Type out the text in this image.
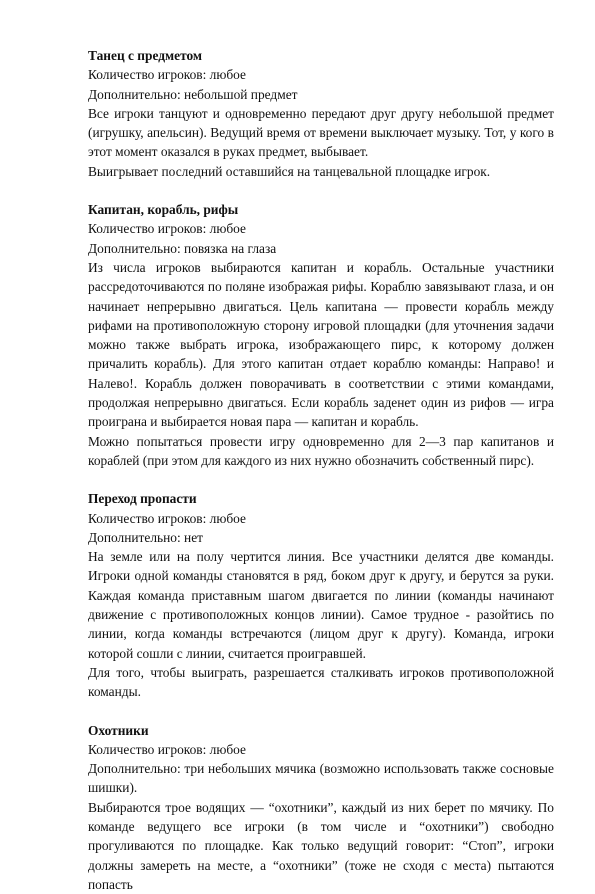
Танец с предметом

Количество игроков: любое

Дополнительно: небольшой предмет

Все игроки танцуют и одновременно передают друг другу небольшой предмет (игрушку, апельсин). Ведущий время от времени выключает музыку. Тот, у кого в этот момент оказался в руках предмет, выбывает.

Выигрывает последний оставшийся на танцевальной площадке игрок.

Капитан, корабль, рифы

Количество игроков: любое

Дополнительно: повязка на глаза

Из числа игроков выбираются капитан и корабль. Остальные участники рассредоточиваются по поляне изображая рифы. Кораблю завязывают глаза, и он начинает непрерывно двигаться. Цель капитана — провести корабль между рифами на противоположную сторону игровой площадки (для уточнения задачи можно также выбрать игрока, изображающего пирс, к которому должен причалить корабль). Для этого капитан отдает кораблю команды: Направо! и Налево!. Корабль должен поворачивать в соответствии с этими командами, продолжая непрерывно двигаться. Если корабль заденет один из рифов — игра проиграна и выбирается новая пара — капитан и корабль.

Можно попытаться провести игру одновременно для 2—3 пар капитанов и кораблей (при этом для каждого из них нужно обозначить собственный пирс).

Переход пропасти

Количество игроков: любое

Дополнительно: нет

На земле или на полу чертится линия. Все участники делятся две команды. Игроки одной команды становятся в ряд, боком друг к другу, и берутся за руки. Каждая команда приставным шагом двигается по линии (команды начинают движение с противоположных концов линии). Самое трудное - разойтись по линии, когда команды встречаются (лицом друг к другу). Команда, игроки которой сошли с линии, считается проигравшей.

Для того, чтобы выиграть, разрешается сталкивать игроков противоположной команды.

Охотники

Количество игроков: любое

Дополнительно: три небольших мячика (возможно использовать также сосновые шишки).

Выбираются трое водящих — “охотники”, каждый из них берет по мячику. По команде ведущего все игроки (в том числе и “охотники”) свободно прогуливаются по площадке. Как только ведущий говорит: “Стоп”, игроки должны замереть на месте, а “охотники” (тоже не сходя с места) пытаются попасть
